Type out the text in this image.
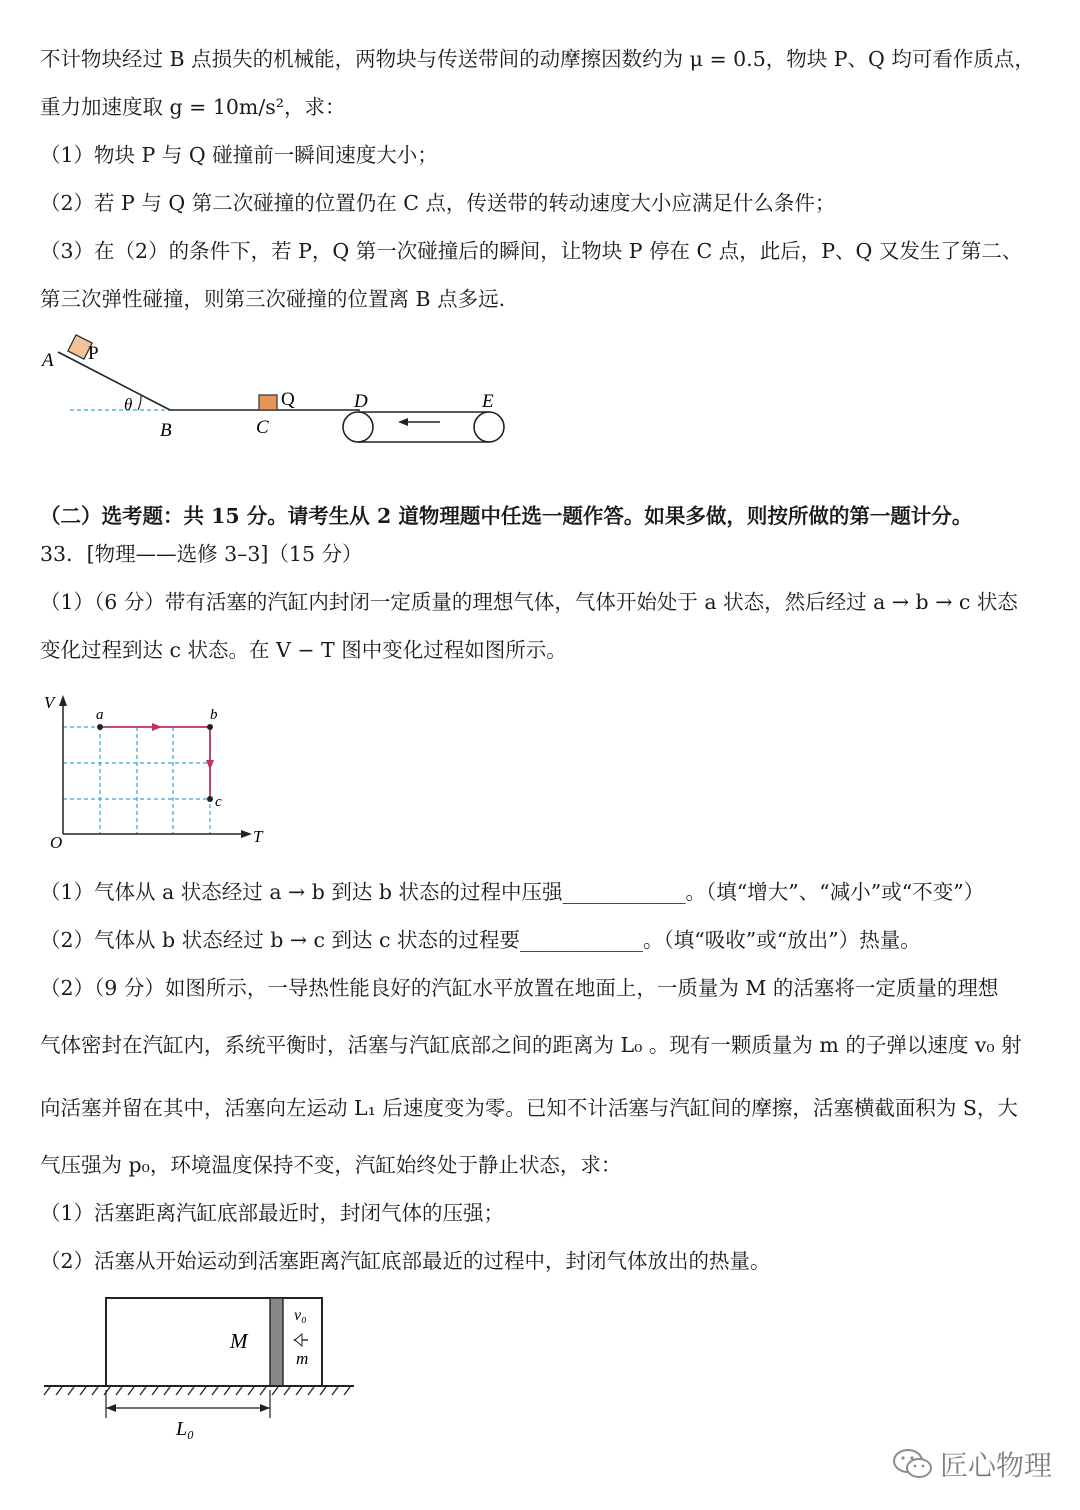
不计物块经过 B 点损失的机械能，两物块与传送带间的动摩擦因数约为 μ = 0.5，物块 P、Q 均可看作质点，
重力加速度取 g = 10m/s²，求：
（1）物块 P 与 Q 碰撞前一瞬间速度大小；
（2）若 P 与 Q 第二次碰撞的位置仍在 C 点，传送带的转动速度大小应满足什么条件；
（3）在（2）的条件下，若 P，Q 第一次碰撞后的瞬间，让物块 P 停在 C 点，此后，P、Q 又发生了第二、
第三次弹性碰撞，则第三次碰撞的位置离 B 点多远.
A P
θ
B	C
Q	D	E
（二）选考题：共 15 分。请考生从 2 道物理题中任选一题作答。如果多做，则按所做的第一题计分。
33．[物理——选修 3–3]（15 分）
（1）（6 分）带有活塞的汽缸内封闭一定质量的理想气体，气体开始处于 a 状态，然后经过 a → b → c 状态
变化过程到达 c 状态。在 V − T 图中变化过程如图所示。
V
T
O
a	b
c
（1）气体从 a 状态经过 a → b 到达 b 状态的过程中压强____________。（填“增大”、“减小”或“不变”）
（2）气体从 b 状态经过 b → c 到达 c 状态的过程要____________。（填“吸收”或“放出”）热量。
（2）（9 分）如图所示，一导热性能良好的汽缸水平放置在地面上，一质量为 M 的活塞将一定质量的理想
气体密封在汽缸内，系统平衡时，活塞与汽缸底部之间的距离为 L₀ 。现有一颗质量为 m 的子弹以速度 v₀ 射
向活塞并留在其中，活塞向左运动 L₁ 后速度变为零。已知不计活塞与汽缸间的摩擦，活塞横截面积为 S，大
气压强为 p₀，环境温度保持不变，汽缸始终处于静止状态，求：
（1）活塞距离汽缸底部最近时，封闭气体的压强；
（2）活塞从开始运动到活塞距离汽缸底部最近的过程中，封闭气体放出的热量。
M
v₀
m
L₀
匠心物理
